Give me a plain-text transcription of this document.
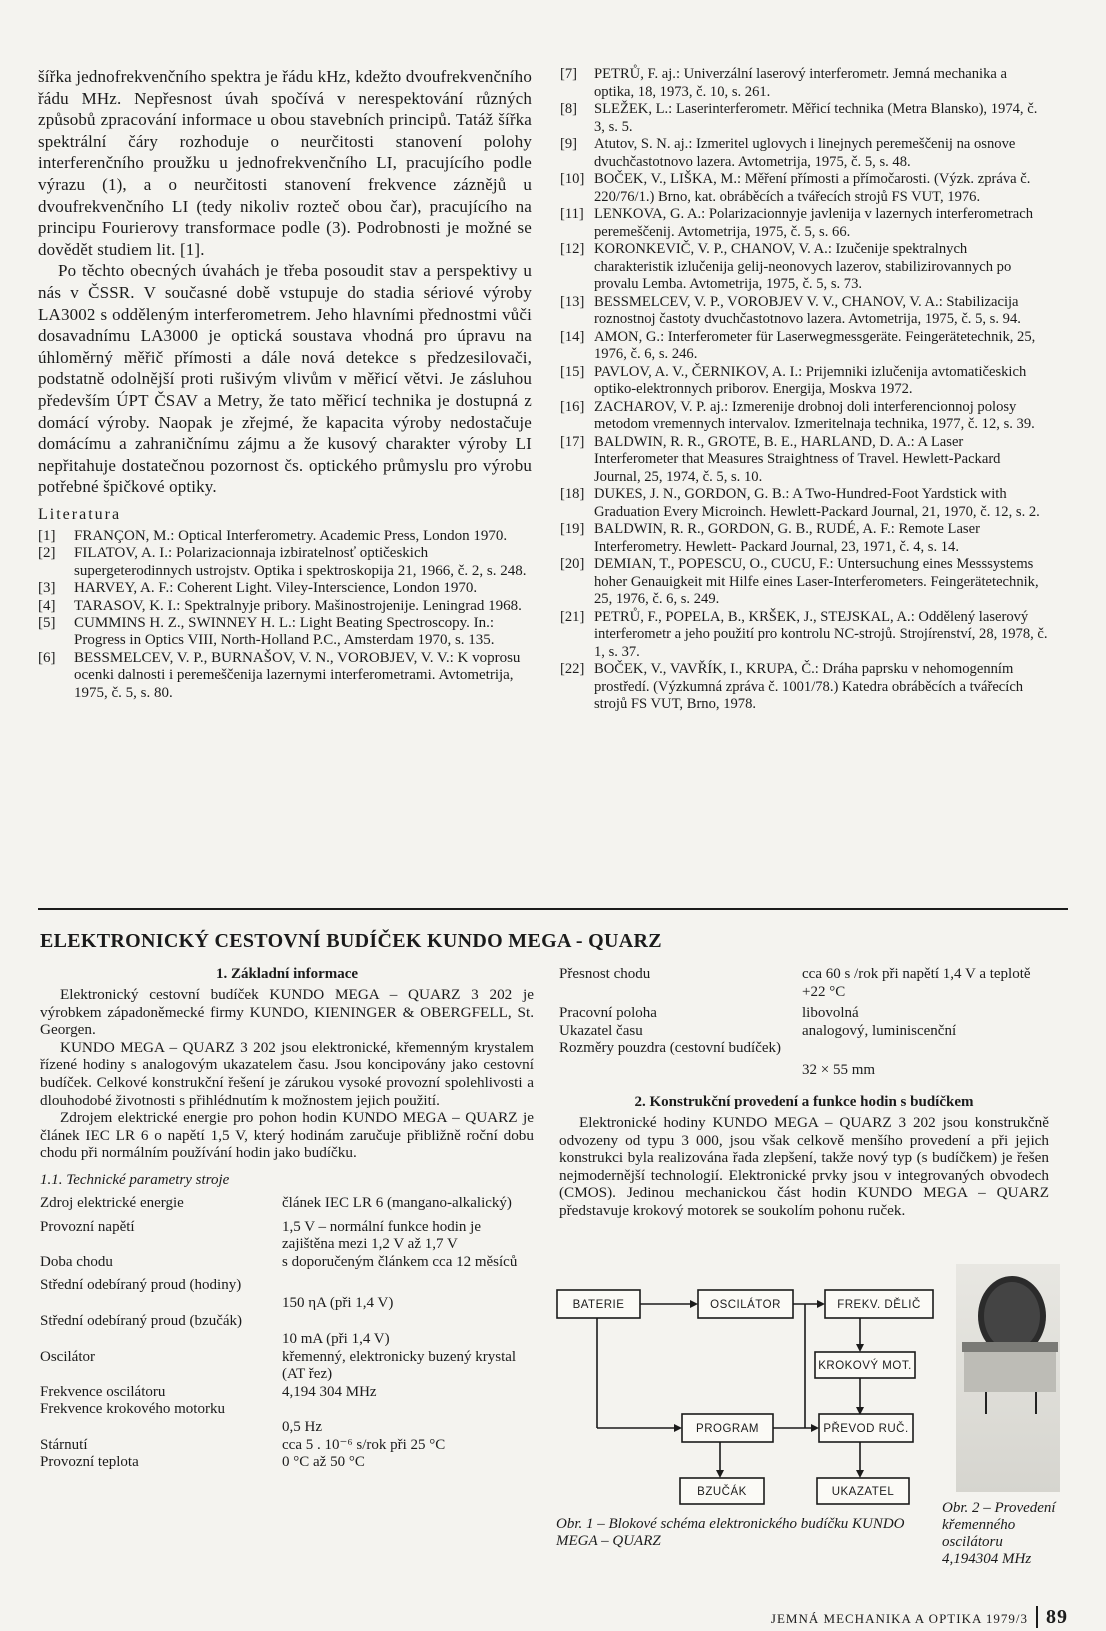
šířka jednofrekvenčního spektra je řádu kHz, kdežto dvoufrekvenčního řádu MHz. Nepřesnost úvah spočívá v nerespektování různých způsobů zpracování informace u obou stavebních principů. Tatáž šířka spektrální čáry rozhoduje o neurčitosti stanovení polohy interferenčního proužku u jednofrekvenčního LI, pracujícího podle výrazu (1), a o neurčitosti stanovení frekvence záznějů u dvoufrekvenčního LI (tedy nikoliv rozteč obou čar), pracujícího na principu Fourierovy transformace podle (3). Podrobnosti je možné se dovědět studiem lit. [1].

Po těchto obecných úvahách je třeba posoudit stav a perspektivy u nás v ČSSR. V současné době vstupuje do stadia sériové výroby LA3002 s odděleným interferometrem. Jeho hlavními přednostmi vůči dosavadnímu LA3000 je optická soustava vhodná pro úpravu na úhloměrný měřič přímosti a dále nová detekce s předzesilovači, podstatně odolnější proti rušivým vlivům v měřicí větvi. Je zásluhou především ÚPT ČSAV a Metry, že tato měřicí technika je dostupná z domácí výroby. Naopak je zřejmé, že kapacita výroby nedostačuje domácímu a zahraničnímu zájmu a že kusový charakter výroby LI nepřitahuje dostatečnou pozornost čs. optického průmyslu pro výrobu potřebné špičkové optiky.

Literatura
[1] FRANÇON, M.: Optical Interferometry. Academic Press, London 1970.
[2] FILATOV, A. I.: Polarizacionnaja izbiratelnosť optičeskich supergeterodinnych ustrojstv. Optika i spektroskopija 21, 1966, č. 2, s. 248.
[3] HARVEY, A. F.: Coherent Light. Viley-Interscience, London 1970.
[4] TARASOV, K. I.: Spektralnyje pribory. Mašinostrojenije. Leningrad 1968.
[5] CUMMINS H. Z., SWINNEY H. L.: Light Beating Spectroscopy. In.: Progress in Optics VIII, North-Holland P.C., Amsterdam 1970, s. 135.
[6] BESSMELCEV, V. P., BURNAŠOV, V. N., VOROBJEV, V. V.: K voprosu ocenki dalnosti i peremeščenija lazernymi interferometrami. Avtometrija, 1975, č. 5, s. 80.
[7] PETRŮ, F. aj.: Univerzální laserový interferometr. Jemná mechanika a optika, 18, 1973, č. 10, s. 261.
[8] SLEŽEK, L.: Laserinterferometr. Měřicí technika (Metra Blansko), 1974, č. 3, s. 5.
[9] Atutov, S. N. aj.: Izmeritel uglovych i linejnych peremeščenij na osnove dvuchčastotnovo lazera. Avtometrija, 1975, č. 5, s. 48.
[10] BOČEK, V., LIŠKA, M.: Měření přímosti a přímočarosti. (Výzk. zpráva č. 220/76/1.) Brno, kat. obráběcích a tvářecích strojů FS VUT, 1976.
[11] LENKOVA, G. A.: Polarizacionnyje javlenija v lazernych interferometrach peremeščenij. Avtometrija, 1975, č. 5, s. 66.
[12] KORONKEVIČ, V. P., CHANOV, V. A.: Izučenije spektralnych charakteristik izlučenija gelij-neonovych lazerov, stabilizirovannych po provalu Lemba. Avtometrija, 1975, č. 5, s. 73.
[13] BESSMELCEV, V. P., VOROBJEV V. V., CHANOV, V. A.: Stabilizacija roznostnoj častoty dvuchčastotnovo lazera. Avtometrija, 1975, č. 5, s. 94.
[14] AMON, G.: Interferometer für Laserwegmessgeräte. Feingerätetechnik, 25, 1976, č. 6, s. 246.
[15] PAVLOV, A. V., ČERNIKOV, A. I.: Prijemniki izlučenija avtomatičeskich optiko-elektronnych priborov. Energija, Moskva 1972.
[16] ZACHAROV, V. P. aj.: Izmerenije drobnoj doli interferencionnoj polosy metodom vremennych intervalov. Izmeritelnaja technika, 1977, č. 12, s. 39.
[17] BALDWIN, R. R., GROTE, B. E., HARLAND, D. A.: A Laser Interferometer that Measures Straightness of Travel. Hewlett-Packard Journal, 25, 1974, č. 5, s. 10.
[18] DUKES, J. N., GORDON, G. B.: A Two-Hundred-Foot Yardstick with Graduation Every Microinch. Hewlett-Packard Journal, 21, 1970, č. 12, s. 2.
[19] BALDWIN, R. R., GORDON, G. B., RUDÉ, A. F.: Remote Laser Interferometry. Hewlett- Packard Journal, 23, 1971, č. 4, s. 14.
[20] DEMIAN, T., POPESCU, O., CUCU, F.: Untersuchung eines Messsystems hoher Genauigkeit mit Hilfe eines Laser-Interferometers. Feingerätetechnik, 25, 1976, č. 6, s. 249.
[21] PETRŮ, F., POPELA, B., KRŠEK, J., STEJSKAL, A.: Oddělený laserový interferometr a jeho použití pro kontrolu NC-strojů. Strojírenství, 28, 1978, č. 1, s. 37.
[22] BOČEK, V., VAVŘÍK, I., KRUPA, Č.: Dráha paprsku v nehomogenním prostředí. (Výzkumná zpráva č. 1001/78.) Katedra obráběcích a tvářecích strojů FS VUT, Brno, 1978.
ELEKTRONICKÝ CESTOVNÍ BUDÍČEK KUNDO MEGA - QUARZ
1. Základní informace

Elektronický cestovní budíček KUNDO MEGA – QUARZ 3 202 je výrobkem západoněmecké firmy KUNDO, KIENINGER & OBERGFELL, St. Georgen.

KUNDO MEGA – QUARZ 3 202 jsou elektronické, křemenným krystalem řízené hodiny s analogovým ukazatelem času. Jsou koncipovány jako cestovní budíček. Celkové konstrukční řešení je zárukou vysoké provozní spolehlivosti a dlouhodobé životnosti s přihlédnutím k možnostem jejich použití.

Zdrojem elektrické energie pro pohon hodin KUNDO MEGA – QUARZ je článek IEC LR 6 o napětí 1,5 V, který hodinám zaručuje přibližně roční dobu chodu při normálním používání hodin jako budíčku.

1.1. Technické parametry stroje
Zdroj elektrické energie	článek IEC LR 6 (mangano-alkalický)
Provozní napětí	1,5 V – normální funkce hodin je zajištěna mezi 1,2 V až 1,7 V
Doba chodu	s doporučeným článkem cca 12 měsíců
Střední odebíraný proud (hodiny)	150 ηA (při 1,4 V)
Střední odebíraný proud (bzučák)	10 mA (při 1,4 V)
Oscilátor	křemenný, elektronicky buzený krystal (AT řez)
Frekvence oscilátoru	4,194 304 MHz
Frekvence krokového motorku	0,5 Hz
Stárnutí	cca 5 . 10⁻⁶ s/rok při 25 °C
Provozní teplota	0 °C až 50 °C
Přesnost chodu	cca 60 s /rok při napětí 1,4 V a teplotě +22 °C
Pracovní poloha	libovolná
Ukazatel času	analogový, luminiscenční
Rozměry pouzdra (cestovní budíček)	32 × 55 mm
2. Konstrukční provedení a funkce hodin s budíčkem

Elektronické hodiny KUNDO MEGA – QUARZ 3 202 jsou konstrukčně odvozeny od typu 3 000, jsou však celkově menšího provedení a při jejich konstrukci byla realizována řada zlepšení, takže nový typ (s budíčkem) je řešen nejmodernější technologií. Elektronické prvky jsou v integrovaných obvodech (CMOS). Jedinou mechanickou část hodin KUNDO MEGA – QUARZ představuje krokový motorek se soukolím pohonu ruček.

BATERIE	OSCILÁTOR	FREKV. DĚLIČ
KROKOVÝ MOT.
PROGRAM	PŘEVOD RUČ.
BZUČÁK	UKAZATEL

Obr. 1 – Blokové schéma elektronického budíčku KUNDO MEGA – QUARZ

Obr. 2 – Provedení křemenného oscilátoru 4,194304 MHz

JEMNÁ MECHANIKA A OPTIKA 1979/3 89
